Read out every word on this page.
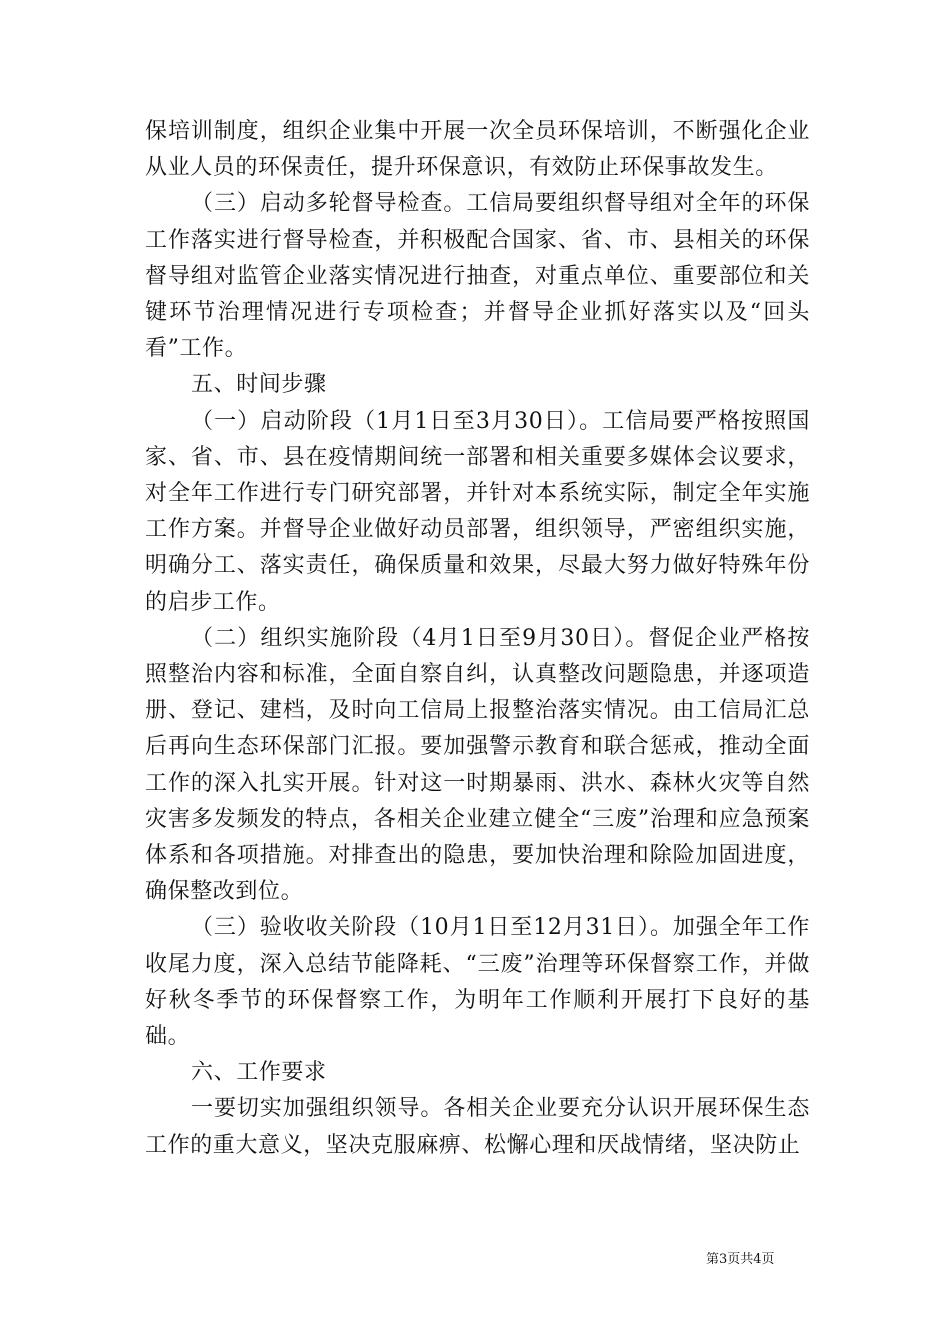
保培训制度，组织企业集中开展一次全员环保培训，不断强化企业从业人员的环保责任，提升环保意识，有效防止环保事故发生。

（三）启动多轮督导检查。工信局要组织督导组对全年的环保工作落实进行督导检查，并积极配合国家、省、市、县相关的环保督导组对监管企业落实情况进行抽查，对重点单位、重要部位和关键环节治理情况进行专项检查；并督导企业抓好落实以及“回头看”工作。

五、时间步骤

（一）启动阶段（1月1日至3月30日）。工信局要严格按照国家、省、市、县在疫情期间统一部署和相关重要多媒体会议要求，对全年工作进行专门研究部署，并针对本系统实际，制定全年实施工作方案。并督导企业做好动员部署，组织领导，严密组织实施，明确分工、落实责任，确保质量和效果，尽最大努力做好特殊年份的启步工作。

（二）组织实施阶段（4月1日至9月30日）。督促企业严格按照整治内容和标准，全面自察自纠，认真整改问题隐患，并逐项造册、登记、建档，及时向工信局上报整治落实情况。由工信局汇总后再向生态环保部门汇报。要加强警示教育和联合惩戒，推动全面工作的深入扎实开展。针对这一时期暴雨、洪水、森林火灾等自然灾害多发频发的特点，各相关企业建立健全“三废”治理和应急预案体系和各项措施。对排查出的隐患，要加快治理和除险加固进度，确保整改到位。

（三）验收收关阶段（10月1日至12月31日）。加强全年工作收尾力度，深入总结节能降耗、“三废”治理等环保督察工作，并做好秋冬季节的环保督察工作，为明年工作顺利开展打下良好的基础。

六、工作要求

一要切实加强组织领导。各相关企业要充分认识开展环保生态工作的重大意义，坚决克服麻痹、松懈心理和厌战情绪，坚决防止

第3页共4页
